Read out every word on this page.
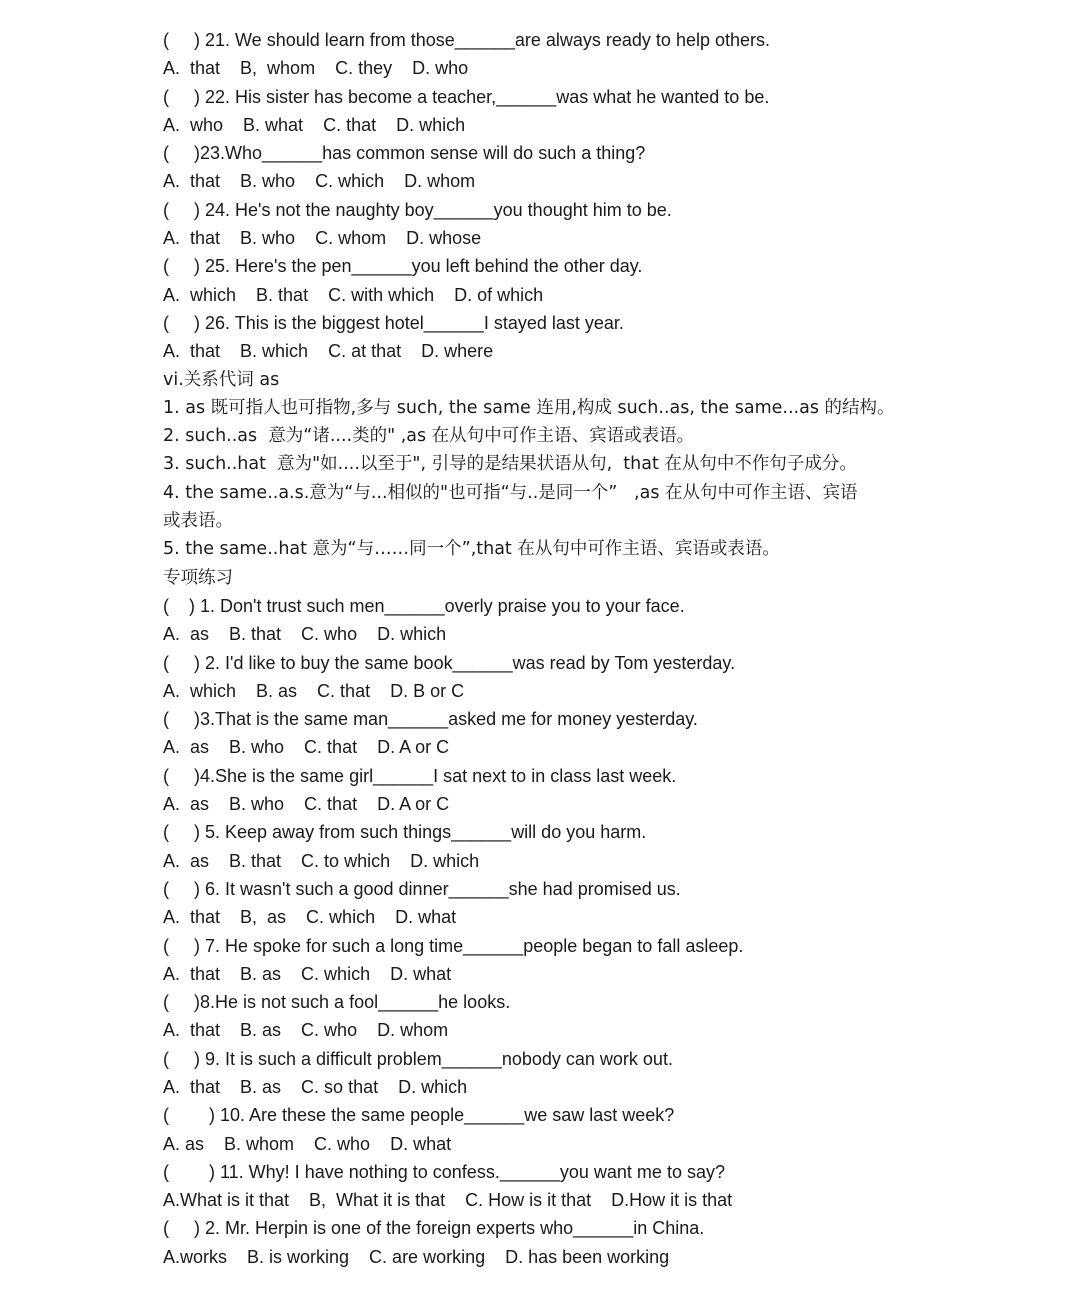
(     ) 21. We should learn from those______are always ready to help others.
A.  that    B,  whom    C. they    D. who
(     ) 22. His sister has become a teacher,______was what he wanted to be.
A.  who    B. what    C. that    D. which
(     )23.Who______has common sense will do such a thing?
A.  that    B. who    C. which    D. whom
(     ) 24. He's not the naughty boy______you thought him to be.
A.  that    B. who    C. whom    D. whose
(     ) 25. Here's the pen______you left behind the other day.
A.  which    B. that    C. with which    D. of which
(     ) 26. This is the biggest hotel______I stayed last year.
A.  that    B. which    C. at that    D. where
vi.关系代词 as
1. as 既可指人也可指物,多与 such, the same 连用,构成 such..as, the same...as 的结构。
2. such..as  意为“诸....类的" ,as 在从句中可作主语、宾语或表语。
3. such..hat  意为"如....以至于", 引导的是结果状语从句,  that 在从句中不作句子成分。
4. the same..a.s.意为“与...相似的"也可指“与..是同一个”   ,as 在从句中可作主语、宾语
或表语。
5. the same..hat 意为“与……同一个”,that 在从句中可作主语、宾语或表语。
专项练习
(    ) 1. Don't trust such men______overly praise you to your face.
A.  as    B. that    C. who    D. which
(     ) 2. I'd like to buy the same book______was read by Tom yesterday.
A.  which    B. as    C. that    D. B or C
(     )3.That is the same man______asked me for money yesterday.
A.  as    B. who    C. that    D. A or C
(     )4.She is the same girl______I sat next to in class last week.
A.  as    B. who    C. that    D. A or C
(     ) 5. Keep away from such things______will do you harm.
A.  as    B. that    C. to which    D. which
(     ) 6. It wasn't such a good dinner______she had promised us.
A.  that    B,  as    C. which    D. what
(     ) 7. He spoke for such a long time______people began to fall asleep.
A.  that    B. as    C. which    D. what
(     )8.He is not such a fool______he looks.
A.  that    B. as    C. who    D. whom
(     ) 9. It is such a difficult problem______nobody can work out.
A.  that    B. as    C. so that    D. which
(        ) 10. Are these the same people______we saw last week?
A. as    B. whom    C. who    D. what
(        ) 11. Why! I have nothing to confess.______you want me to say?
A.What is it that    B,  What it is that    C. How is it that    D.How it is that
(     ) 2. Mr. Herpin is one of the foreign experts who______in China.
A.works    B. is working    C. are working    D. has been working
